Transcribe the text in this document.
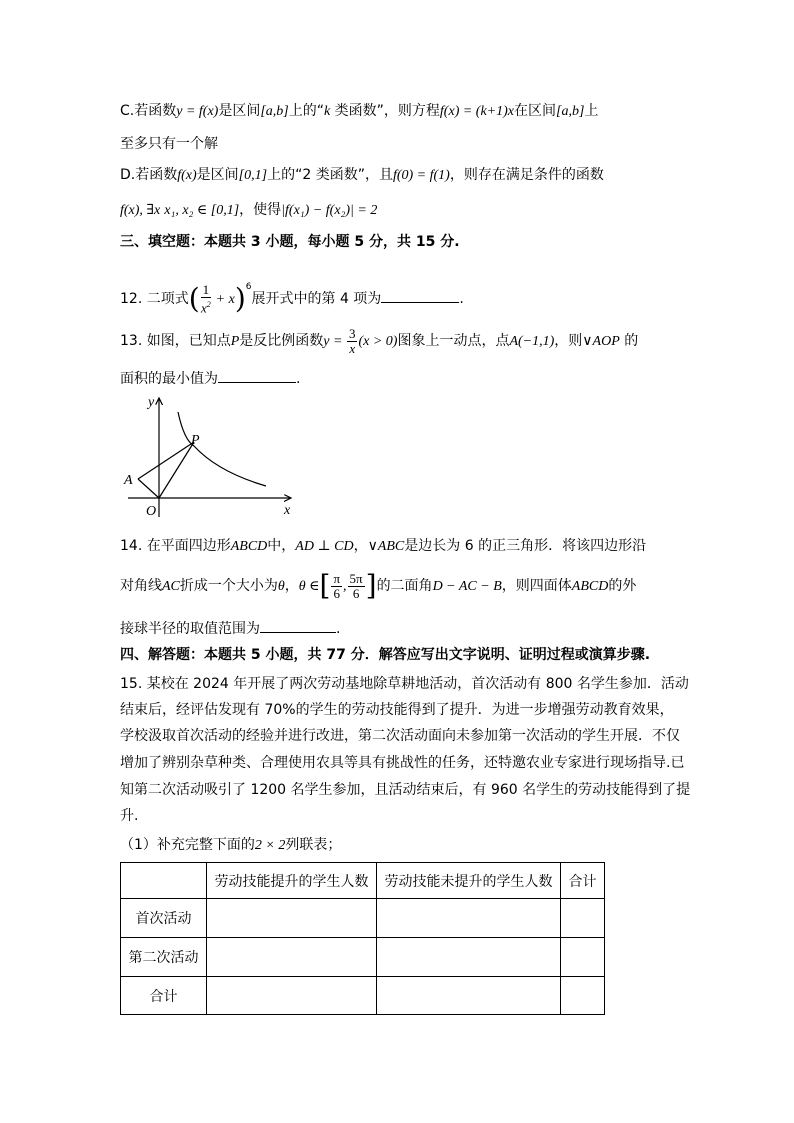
C.若函数y = f(x)是区间[a,b]上的“k 类函数”，则方程f(x) = (k+1)x在区间[a,b]上
至多只有一个解
D.若函数f(x)是区间[0,1]上的“2 类函数”，且f(0) = f(1)，则存在满足条件的函数
f(x), ∃x x₁, x₂ ∈ [0,1]，使得|f(x₁) − f(x₂)| = 2
三、填空题：本题共 3 小题，每小题 5 分，共 15 分.
12. 二项式( $\frac{1}{x^2} + x)^6$展开式中的第 4 项为	.
13. 如图，已知点P是反比例函数$y = \frac{3}{x} (x > 0)$图象上一动点，点A(−1,1)，则∨AOP 的
面积的最小值为	.
y
x
O
A
P
14. 在平面四边形ABCD中，AD ⊥ CD，∨ABC是边长为 6 的正三角形．将该四边形沿
对角线AC折成一个大小为θ，θ ∈[ $\frac{\pi}{6}$ , $\frac{5\pi}{6}$ ]的二面角D − AC − B，则四面体ABCD的外
接球半径的取值范围为	.
四、解答题：本题共 5 小题，共 77 分．解答应写出文字说明、证明过程或演算步骤.
15. 某校在 2024 年开展了两次劳动基地除草耕地活动，首次活动有 800 名学生参加．活动
结束后，经评估发现有 70%的学生的劳动技能得到了提升．为进一步增强劳动教育效果，
学校汲取首次活动的经验并进行改进，第二次活动面向未参加第一次活动的学生开展．不仅
增加了辨别杂草种类、合理使用农具等具有挑战性的任务，还特邀农业专家进行现场指导.已
知第二次活动吸引了 1200 名学生参加，且活动结束后，有 960 名学生的劳动技能得到了提
升.
（1）补充完整下面的2 × 2列联表；
	劳动技能提升的学生人数	劳动技能未提升的学生人数	合计
首次活动			
第二次活动			
合计			
